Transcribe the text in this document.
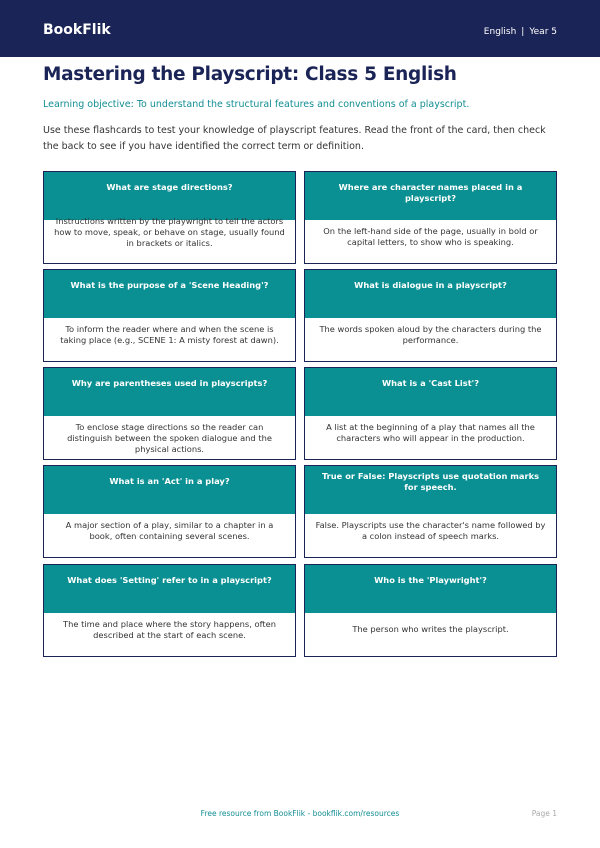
BookFlik	English | Year 5
Mastering the Playscript: Class 5 English

Learning objective: To understand the structural features and conventions of a playscript.

Use these flashcards to test your knowledge of playscript features. Read the front of the card, then check the back to see if you have identified the correct term or definition.

What are stage directions?
Instructions written by the playwright to tell the actors how to move, speak, or behave on stage, usually found in brackets or italics.
Where are character names placed in a playscript?
On the left-hand side of the page, usually in bold or capital letters, to show who is speaking.
What is the purpose of a 'Scene Heading'?
To inform the reader where and when the scene is taking place (e.g., SCENE 1: A misty forest at dawn).
What is dialogue in a playscript?
The words spoken aloud by the characters during the performance.
Why are parentheses used in playscripts?
To enclose stage directions so the reader can distinguish between the spoken dialogue and the physical actions.
What is a 'Cast List'?
A list at the beginning of a play that names all the characters who will appear in the production.
What is an 'Act' in a play?
A major section of a play, similar to a chapter in a book, often containing several scenes.
True or False: Playscripts use quotation marks for speech.
False. Playscripts use the character's name followed by a colon instead of speech marks.
What does 'Setting' refer to in a playscript?
The time and place where the story happens, often described at the start of each scene.
Who is the 'Playwright'?
The person who writes the playscript.
Free resource from BookFlik - bookflik.com/resources	Page 1
